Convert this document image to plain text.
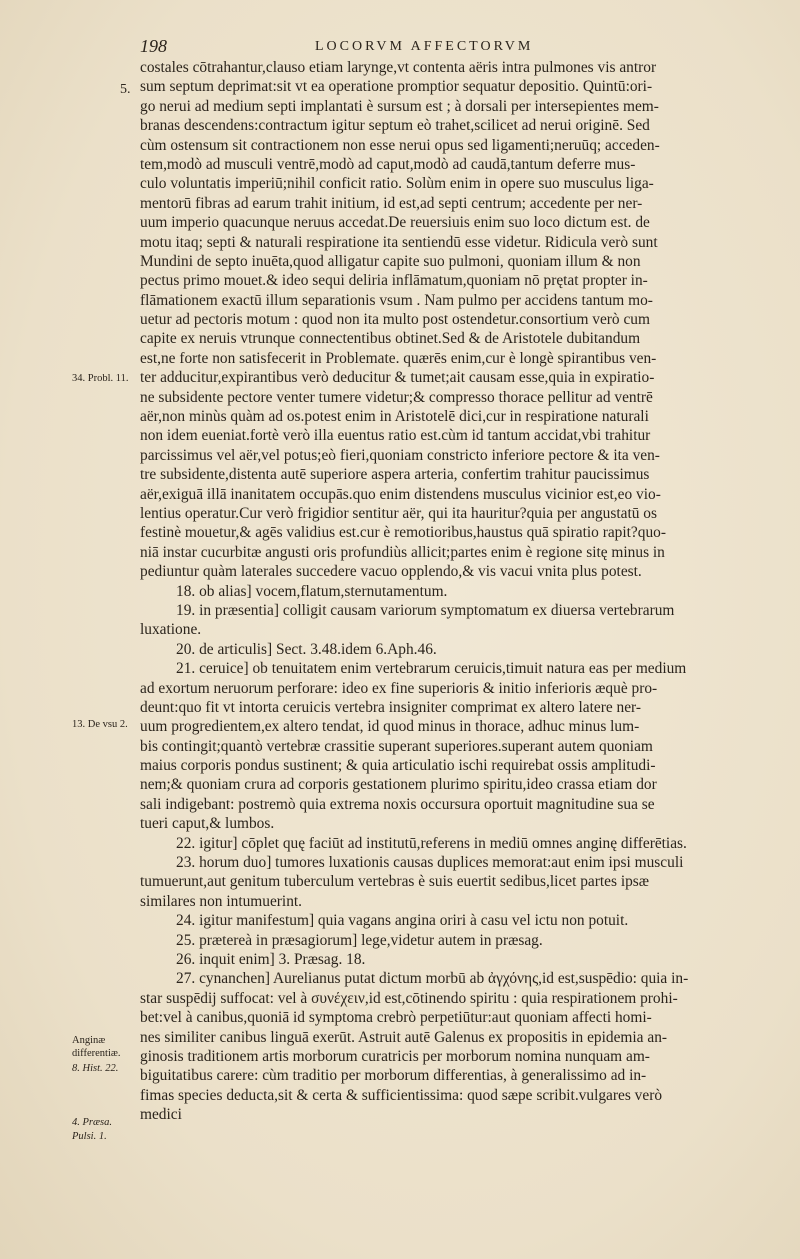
198	LOCORVM AFFECTORVM
5.
34. Probl. 11.
13. De vsu 2.
Anginæ differentiæ.
8. Hist. 22.
4. Præsa.
Pulsi. 1.
costales cōtrahantur,clauso etiam larynge,vt contenta aëris intra pulmones vis antror
sum septum deprimat:sit vt ea operatione promptior sequatur depositio. Quintū:ori-
go nerui ad medium septi implantati è sursum est ; à dorsali per intersepientes mem-
branas descendens:contractum igitur septum eò trahet,scilicet ad nerui originē. Sed
cùm ostensum sit contractionem non esse nerui opus sed ligamenti;neruūq; acceden-
tem,modò ad musculi ventrē,modò ad caput,modò ad caudā,tantum deferre mus-
culo voluntatis imperiū;nihil conficit ratio. Solùm enim in opere suo musculus liga-
mentorū fibras ad earum trahit initium, id est,ad septi centrum; accedente per ner-
uum imperio quacunque neruus accedat.De reuersiuis enim suo loco dictum est. de
motu itaq; septi & naturali respiratione ita sentiendū esse videtur. Ridicula verò sunt
Mundini de septo inuēta,quod alligatur capite suo pulmoni, quoniam illum & non
pectus primo mouet.& ideo sequi deliria inflāmatum,quoniam nō prętat propter in-
flāmationem exactū illum separationis vsum . Nam pulmo per accidens tantum mo-
uetur ad pectoris motum : quod non ita multo post ostendetur.consortium verò cum
capite ex neruis vtrunque connectentibus obtinet.Sed & de Aristotele dubitandum
est,ne forte non satisfecerit in Problemate. quærēs enim,cur è longè spirantibus ven-
ter adducitur,expirantibus verò deducitur & tumet;ait causam esse,quia in expiratio-
ne subsidente pectore venter tumere videtur;& compresso thorace pellitur ad ventrē
aër,non minùs quàm ad os.potest enim in Aristotelē dici,cur in respiratione naturali
non idem eueniat.fortè verò illa euentus ratio est.cùm id tantum accidat,vbi trahitur
parcissimus vel aër,vel potus;eò fieri,quoniam constricto inferiore pectore & ita ven-
tre subsidente,distenta autē superiore aspera arteria, confertim trahitur paucissimus
aër,exiguā illā inanitatem occupās.quo enim distendens musculus vicinior est,eo vio-
lentius operatur.Cur verò frigidior sentitur aër, qui ita hauritur?quia per angustatū os
festinè mouetur,& agēs validius est.cur è remotioribus,haustus quā spiratio rapit?quo-
niā instar cucurbitæ angusti oris profundiùs allicit;partes enim è regione sitę minus in
pediuntur quàm laterales succedere vacuo opplendo,& vis vacui vnita plus potest.
18. ob alias] vocem,flatum,sternutamentum.
19. in præsentia] colligit causam variorum symptomatum ex diuersa vertebrarum
luxatione.
20. de articulis] Sect. 3.48.idem 6.Aph.46.
21. ceruice] ob tenuitatem enim vertebrarum ceruicis,timuit natura eas per medium
ad exortum neruorum perforare: ideo ex fine superioris & initio inferioris æquè pro-
deunt:quo fit vt intorta ceruicis vertebra insigniter comprimat ex altero latere ner-
uum progredientem,ex altero tendat, id quod minus in thorace, adhuc minus lum-
bis contingit;quantò vertebræ crassitie superant superiores.superant autem quoniam
maius corporis pondus sustinent; & quia articulatio ischi requirebat ossis amplitudi-
nem;& quoniam crura ad corporis gestationem plurimo spiritu,ideo crassa etiam dor
sali indigebant: postremò quia extrema noxis occursura oportuit magnitudine sua se
tueri caput,& lumbos.
22. igitur] cōplet quę faciūt ad institutū,referens in mediū omnes anginę differētias.
23. horum duo] tumores luxationis causas duplices memorat:aut enim ipsi musculi
tumuerunt,aut genitum tuberculum vertebras è suis euertit sedibus,licet partes ipsæ
similares non intumuerint.
24. igitur manifestum] quia vagans angina oriri à casu vel ictu non potuit.
25. prætereà in præsagiorum] lege,videtur autem in præsag.
26. inquit enim] 3. Præsag. 18.
27. cynanchen] Aurelianus putat dictum morbū ab ἀγχόνης,id est,suspēdio: quia in-
star suspēdij suffocat: vel à συνέχειν,id est,cōtinendo spiritu : quia respirationem prohi-
bet:vel à canibus,quoniā id symptoma crebrò perpetiūtur:aut quoniam affecti homi-
nes similiter canibus linguā exerūt. Astruit autē Galenus ex propositis in epidemia an-
ginosis traditionem artis morborum curatricis per morborum nomina nunquam am-
biguitatibus carere: cùm traditio per morborum differentias, à generalissimo ad in-
fimas species deducta,sit & certa & sufficientissima: quod sæpe scribit.vulgares verò
medici
